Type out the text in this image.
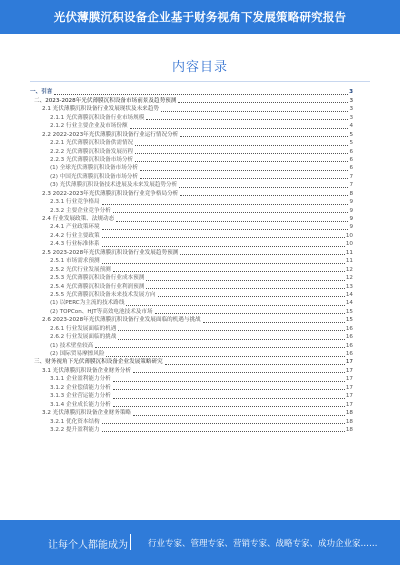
光伏薄膜沉积设备企业基于财务视角下发展策略研究报告
内容目录
一、引言	3
二、2023-2028年光伏薄膜沉积设备市场前景及趋势预测	3
2.1 光伏薄膜沉积设备行业发展现状及未来趋势	3
2.1.1 光伏薄膜沉积设备行业市场规模	3
2.1.2 行业主要企业及市场份额	4
2.2 2022-2023年光伏薄膜沉积设备行业运行情况分析	5
2.2.1 光伏薄膜沉积设备供需情况	5
2.2.2 光伏薄膜沉积设备发展历程	6
2.2.3 光伏薄膜沉积设备市场分析	6
(1) 全球光伏薄膜沉积设备市场分析	6
(2) 中国光伏薄膜沉积设备市场分析	7
(3) 光伏薄膜沉积设备技术进展及未来发展趋势分析	7
2.3 2022-2023年光伏薄膜沉积设备行业竞争格局分析	8
2.3.1 行业竞争格局	9
2.3.2 主要企业竞争分析	9
2.4 行业发展政策、法规动态	9
2.4.1 产业政策环境	9
2.4.2 行业主要政策	10
2.4.3 行业标准体系	10
2.5 2023-2028年光伏薄膜沉积设备行业发展趋势预测	11
2.5.1 市场需求预测	11
2.5.2 光伏行业发展预测	12
2.5.3 光伏薄膜沉积设备行业成本预测	12
2.5.4 光伏薄膜沉积设备行业利润预测	13
2.5.5 光伏薄膜沉积设备未来技术发展方向	14
(1) 以PERC为主流的技术路线	14
(2) TOPCon、HJT等高效电池技术及市场	15
2.6 2023-2028年光伏薄膜沉积设备行业发展面临的机遇与挑战	15
2.6.1 行业发展面临的机遇	16
2.6.2 行业发展面临的挑战	16
(1) 技术壁垒较高	16
(2) 国际贸易摩擦风险	16
三、财务视角下光伏薄膜沉积设备企业发展策略研究	17
3.1 光伏薄膜沉积设备企业财务分析	17
3.1.1 企业盈利能力分析	17
3.1.2 企业偿债能力分析	17
3.1.3 企业营运能力分析	17
3.1.4 企业成长能力分析	17
3.2 光伏薄膜沉积设备企业财务策略	18
3.2.1 优化资本结构	18
3.2.2 提升盈利能力	18
让每个人都能成为 行业专家、管理专家、营销专家、战略专家、成功企业家……
